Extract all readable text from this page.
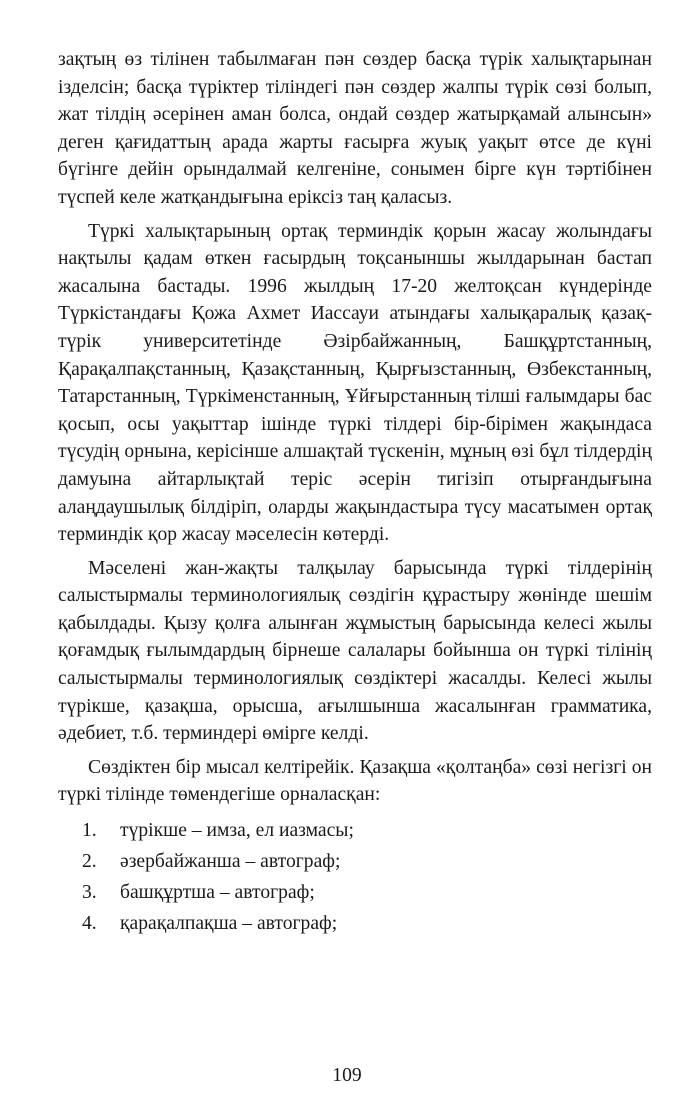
зақтың өз тілінен табылмаған пән сөздер басқа түрік халықтарынан ізделсін; басқа түріктер тіліндегі пән сөздер жалпы түрік сөзі болып, жат тілдің әсерінен аман болса, ондай сөздер жатырқамай алынсын» деген қағидаттың арада жарты ғасырға жуық уақыт өтсе де күні бүгінге дейін орындалмай келгеніне, сонымен бірге күн тәртібінен түспей келе жатқандығына ерiксiз таң қаласыз.

Түркі халықтарының ортақ терминдік қорын жасау жолындағы нақтылы қадам өткен ғасырдың тоқсаныншы жылдарынан бастап жасалына бастады. 1996 жылдың 17-20 желтоқсан күндерінде Түркістандағы Қожа Ахмет Иассауи атындағы халықаралық қазақ-түрік университетінде Әзірбайжанның, Башқұртстанның, Қарақалпақстанның, Қазақстанның, Қырғызстанның, Өзбекстанның, Татарстанның, Түркіменстанның, Ұйғырстанның тілші ғалымдары бас қосып, осы уақыттар ішінде түркі тілдері бір-бірімен жақындаса түсудің орнына, керісінше алшақтай түскенін, мұның өзі бұл тілдердің дамуына айтарлықтай теріс әсерін тигізіп отырғандығына алаңдаушылық білдіріп, оларды жақындастыра түсу масатымен ортақ терминдік қор жасау мәселесін көтерді.

Мәселені жан-жақты талқылау барысында түркі тілдерінің салыстырмалы терминологиялық сөздігін құрастыру жөнінде шешім қабылдады. Қызу қолға алынған жұмыстың барысында келесі жылы қоғамдық ғылымдардың бірнеше салалары бойынша он түркі тілінің салыстырмалы терминологиялық сөздіктері жасалды. Келесі жылы түрікше, қазақша, орысша, ағылшынша жасалынған грамматика, әдебиет, т.б. терминдері өмірге келді.

Сөздіктен бір мысал келтірейік. Қазақша «қолтаңба» сөзі негізгі он түркі тілінде төмендегіше орналасқан:

1.	түрікше – имза, ел иазмасы;
2.	әзербайжанша – автограф;
3.	башқұртша – автограф;
4.	қарақалпақша – автограф;
109
